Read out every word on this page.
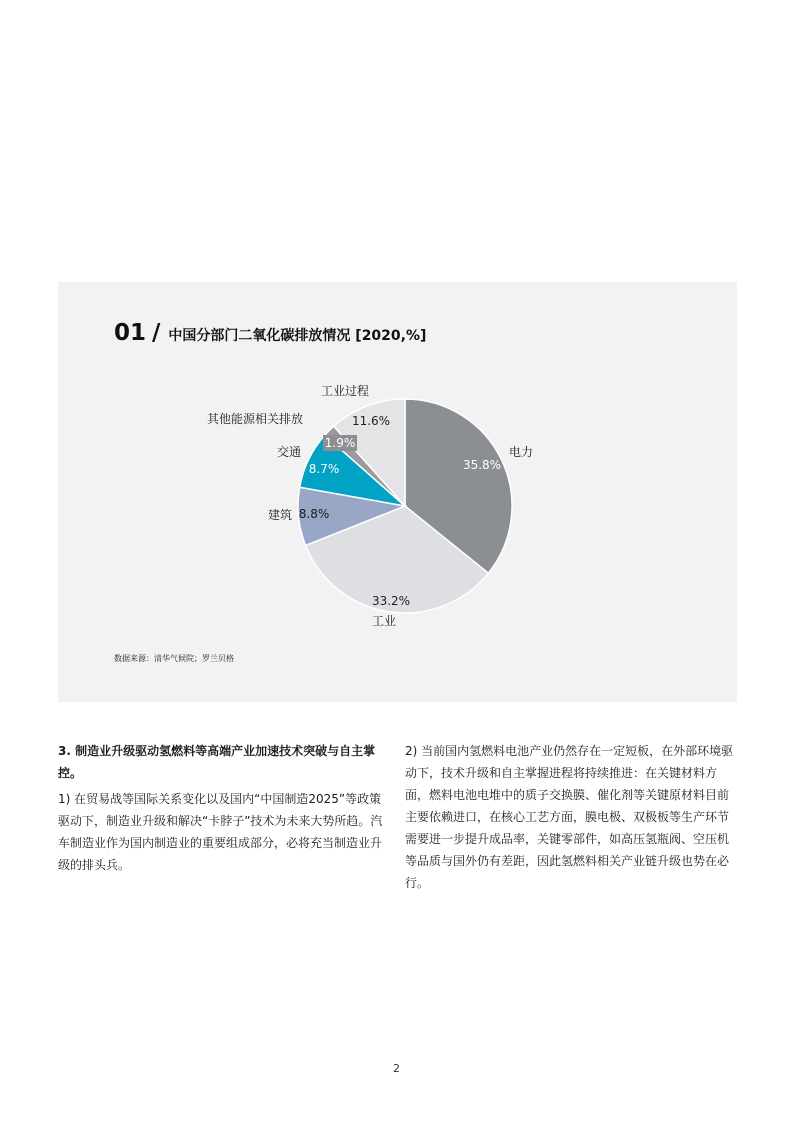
01 / 中国分部门二氧化碳排放情况 [2020,%]
35.8%
33.2%
8.8%
8.7%
1.9%
11.6%
电力
工业
建筑
交通
其他能源相关排放
工业过程
数据来源：清华气候院；罗兰贝格

3. 制造业升级驱动氢燃料等高端产业加速技术突破与自主掌控。

1) 在贸易战等国际关系变化以及国内“中国制造2025”等政策驱动下，制造业升级和解决“卡脖子”技术为未来大势所趋。汽车制造业作为国内制造业的重要组成部分，必将充当制造业升级的排头兵。

2) 当前国内氢燃料电池产业仍然存在一定短板，在外部环境驱动下，技术升级和自主掌握进程将持续推进：在关键材料方面，燃料电池电堆中的质子交换膜、催化剂等关键原材料目前主要依赖进口，在核心工艺方面，膜电极、双极板等生产环节需要进一步提升成品率，关键零部件，如高压氢瓶阀、空压机等品质与国外仍有差距，因此氢燃料相关产业链升级也势在必行。

2
